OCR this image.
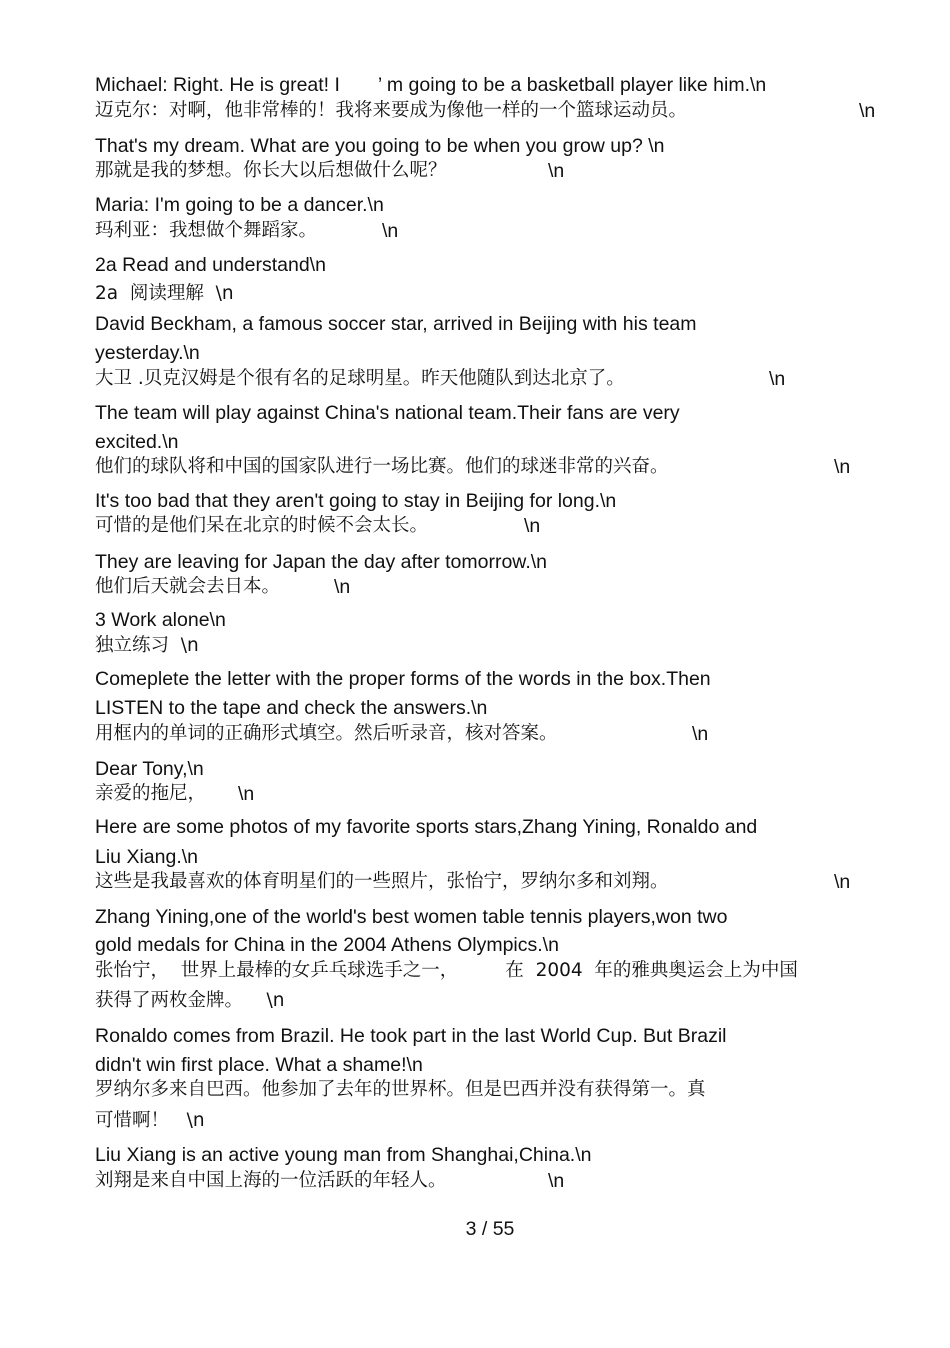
Michael: Right. He is great! I       ’ m going to be a basketball player like him.\n
迈克尔：对啊，他非常棒的！我将来要成为像他一样的一个篮球运动员。	\n
That's my dream. What are you going to be when you grow up? \n
那就是我的梦想。你长大以后想做什么呢？	\n
Maria: I'm going to be a dancer.\n
玛利亚：我想做个舞蹈家。	\n
2a Read and understand\n
2a  阅读理解  \n
David Beckham, a famous soccer star, arrived in Beijing with his team
yesterday.\n
大卫 .贝克汉姆是个很有名的足球明星。昨天他随队到达北京了。	\n
The team will play against China's national team.Their fans are very
excited.\n
他们的球队将和中国的国家队进行一场比赛。他们的球迷非常的兴奋。	\n
It's too bad that they aren't going to stay in Beijing for long.\n
可惜的是他们呆在北京的时候不会太长。	\n
They are leaving for Japan the day after tomorrow.\n
他们后天就会去日本。	\n
3 Work alone\n
独立练习  \n
Comeplete the letter with the proper forms of the words in the box.Then
LISTEN to the tape and check the answers.\n
用框内的单词的正确形式填空。然后听录音，核对答案。	\n
Dear Tony,\n
亲爱的拖尼， \n
Here are some photos of my favorite sports stars,Zhang Yining, Ronaldo and
Liu Xiang.\n
这些是我最喜欢的体育明星们的一些照片，张怡宁，罗纳尔多和刘翔。	\n
Zhang Yining,one of the world's best women table tennis players,won two
gold medals for China in the 2004 Athens Olympics.\n
张怡宁，  世界上最棒的女乒乓球选手之一，        在  2004  年的雅典奥运会上为中国
获得了两枚金牌。    \n
Ronaldo comes from Brazil. He took part in the last World Cup. But Brazil
didn't win first place. What a shame!\n
罗纳尔多来自巴西。他参加了去年的世界杯。但是巴西并没有获得第一。真
可惜啊！   \n
Liu Xiang is an active young man from Shanghai,China.\n
刘翔是来自中国上海的一位活跃的年轻人。	\n
3 / 55
